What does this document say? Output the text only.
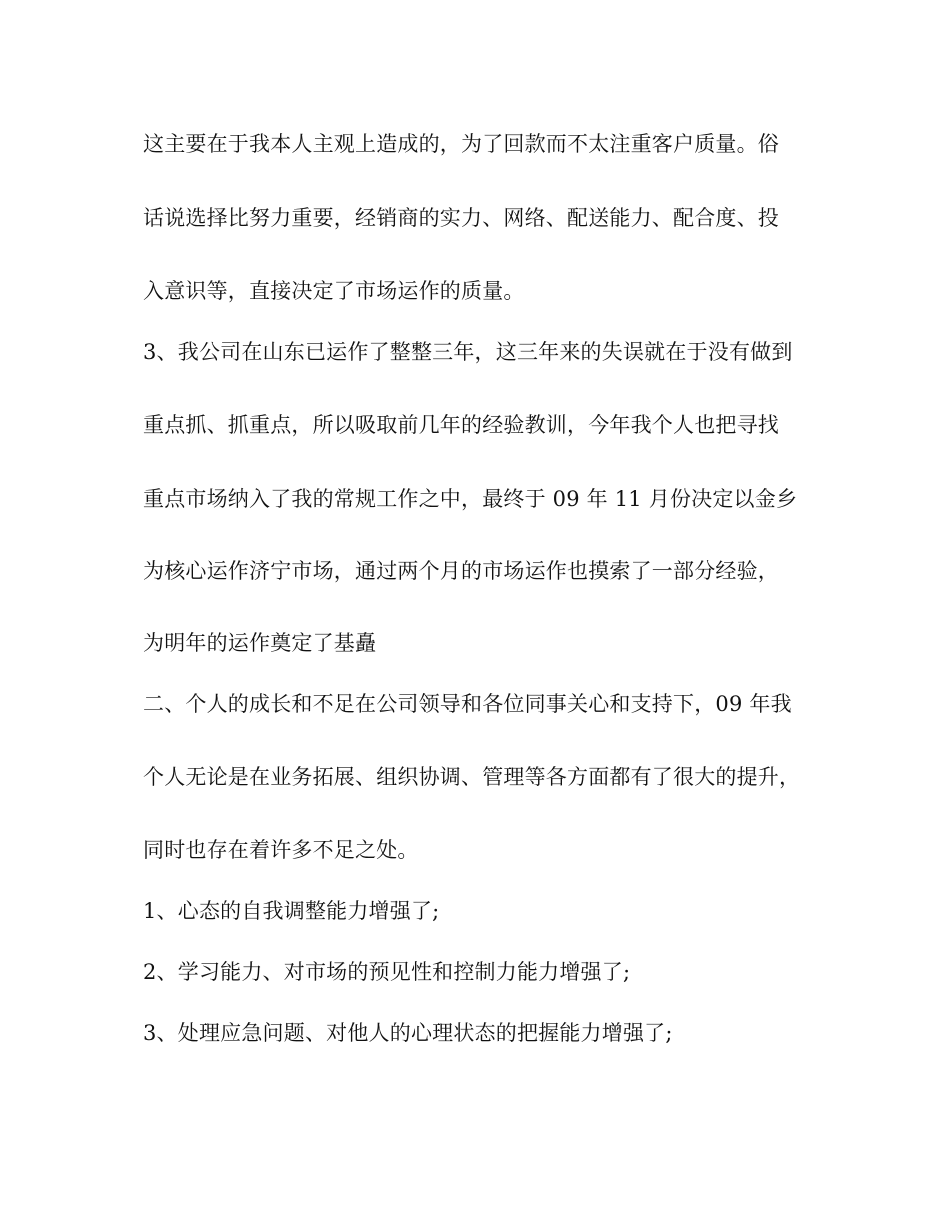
这主要在于我本人主观上造成的，为了回款而不太注重客户质量。俗
话说选择比努力重要，经销商的实力、网络、配送能力、配合度、投
入意识等，直接决定了市场运作的质量。
3、我公司在山东已运作了整整三年，这三年来的失误就在于没有做到
重点抓、抓重点，所以吸取前几年的经验教训，今年我个人也把寻找
重点市场纳入了我的常规工作之中，最终于 09 年 11 月份决定以金乡
为核心运作济宁市场，通过两个月的市场运作也摸索了一部分经验，
为明年的运作奠定了基矗
二、个人的成长和不足在公司领导和各位同事关心和支持下，09 年我
个人无论是在业务拓展、组织协调、管理等各方面都有了很大的提升，
同时也存在着许多不足之处。
1、心态的自我调整能力增强了;
2、学习能力、对市场的预见性和控制力能力增强了;
3、处理应急问题、对他人的心理状态的把握能力增强了;
